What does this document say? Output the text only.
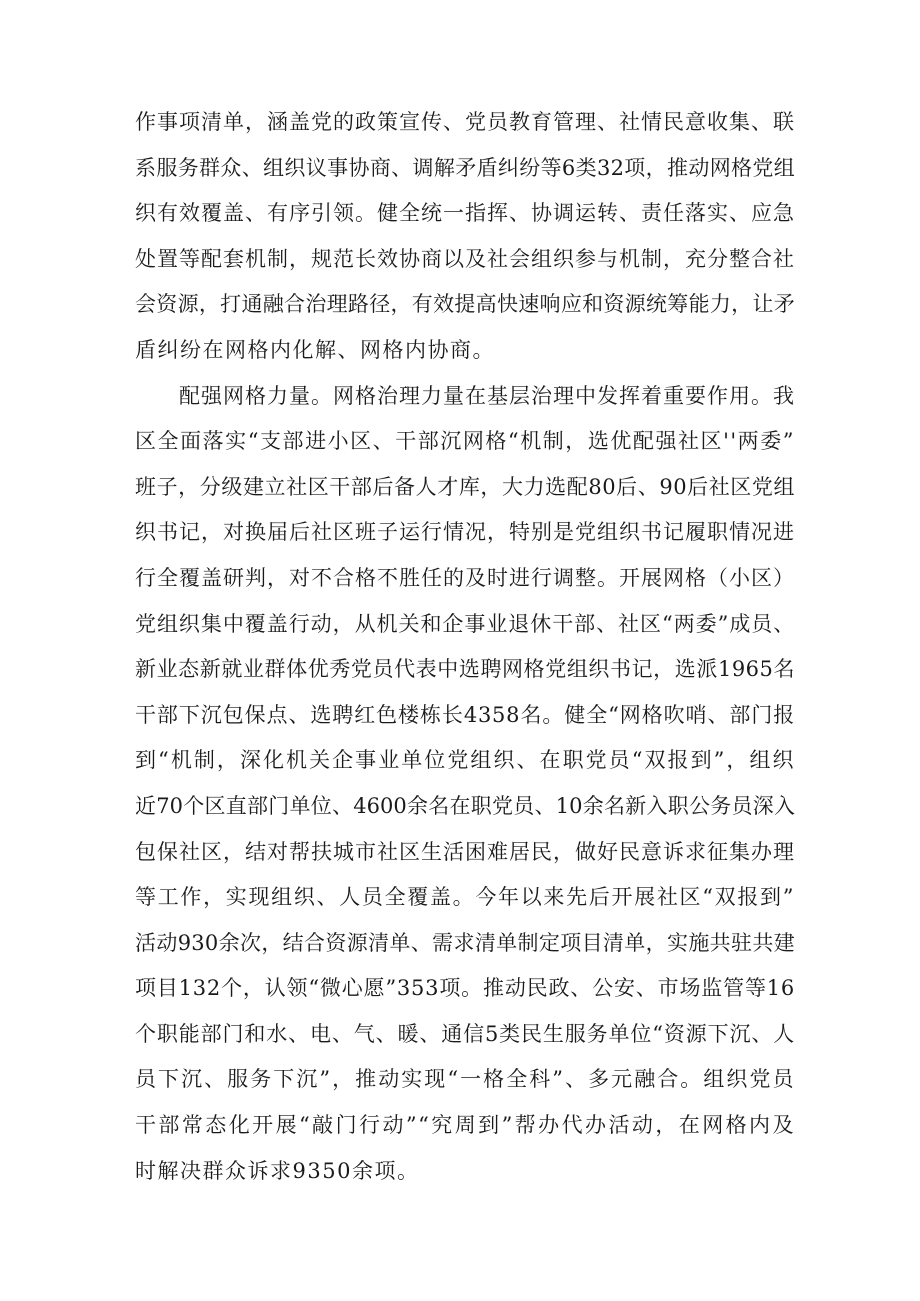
作事项清单，涵盖党的政策宣传、党员教育管理、社情民意收集、联
系服务群众、组织议事协商、调解矛盾纠纷等6类32项，推动网格党组
织有效覆盖、有序引领。健全统一指挥、协调运转、责任落实、应急
处置等配套机制，规范长效协商以及社会组织参与机制，充分整合社
会资源，打通融合治理路径，有效提高快速响应和资源统筹能力，让矛
盾纠纷在网格内化解、网格内协商。
　　配强网格力量。网格治理力量在基层治理中发挥着重要作用。我
区全面落实“支部进小区、干部沉网格“机制，选优配强社区''两委”
班子，分级建立社区干部后备人才库，大力选配80后、90后社区党组
织书记，对换届后社区班子运行情况，特别是党组织书记履职情况进
行全覆盖研判，对不合格不胜任的及时进行调整。开展网格（小区）
党组织集中覆盖行动，从机关和企事业退休干部、社区“两委”成员、
新业态新就业群体优秀党员代表中选聘网格党组织书记，选派1965名
干部下沉包保点、选聘红色楼栋长4358名。健全“网格吹哨、部门报
到“机制，深化机关企事业单位党组织、在职党员“双报到”，组织
近70个区直部门单位、4600余名在职党员、10余名新入职公务员深入
包保社区，结对帮扶城市社区生活困难居民，做好民意诉求征集办理
等工作，实现组织、人员全覆盖。今年以来先后开展社区“双报到”
活动930余次，结合资源清单、需求清单制定项目清单，实施共驻共建
项目132个，认领“微心愿”353项。推动民政、公安、市场监管等16
个职能部门和水、电、气、暖、通信5类民生服务单位“资源下沉、人
员下沉、服务下沉”，推动实现“一格全科”、多元融合。组织党员
干部常态化开展“敲门行动”“究周到”帮办代办活动，在网格内及
时解决群众诉求9350余项。
